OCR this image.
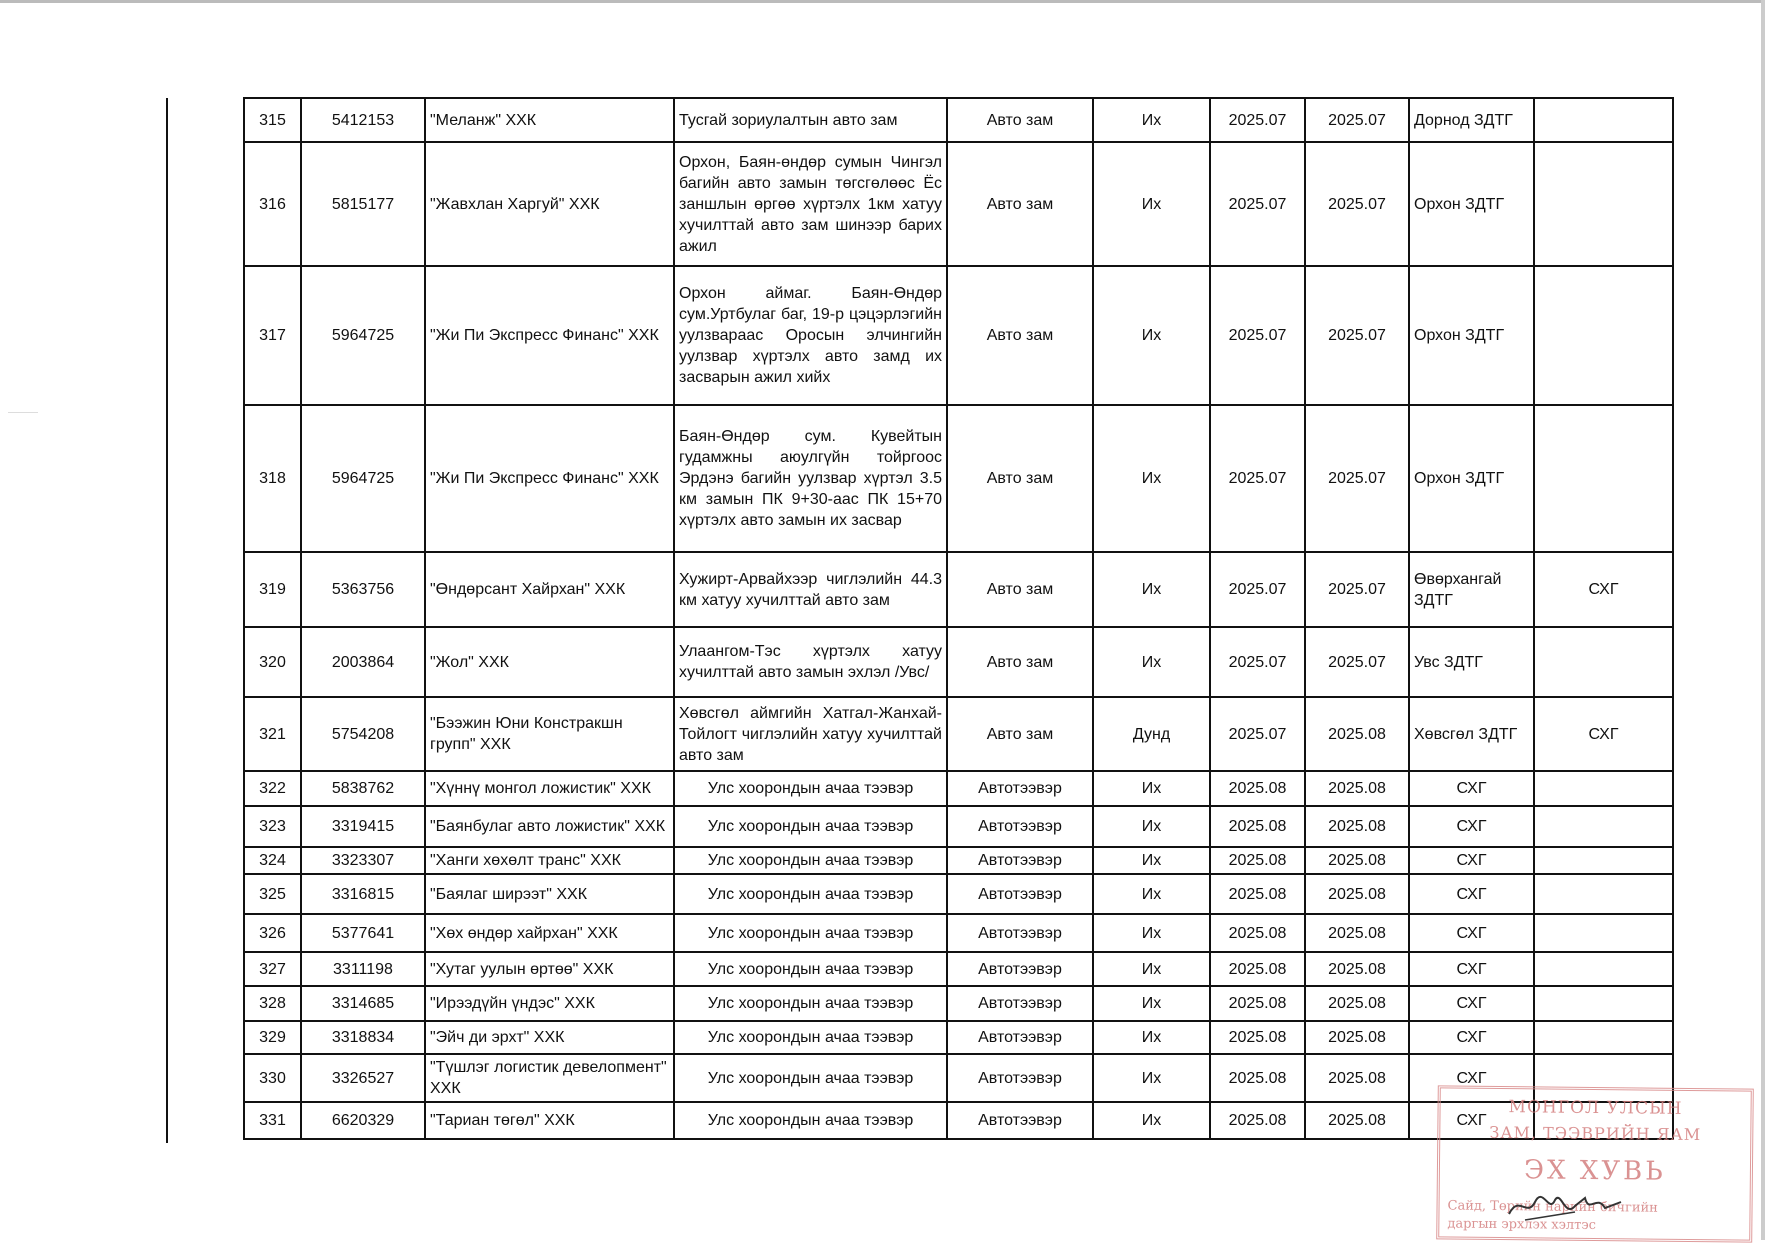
315	5412153	"Меланж" ХХК	Тусгай зориулалтын авто зам	Авто зам	Их	2025.07	2025.07	Дорнод ЗДТГ	
316	5815177	"Жавхлан Харгуй" ХХК	Орхон, Баян-өндөр сумын Чингэл багийн авто замын төгсгөлөөс Ёс заншлын өргөө хүртэлх 1км хатуу хучилттай авто зам шинээр барих ажил	Авто зам	Их	2025.07	2025.07	Орхон ЗДТГ	
317	5964725	"Жи Пи Экспресс Финанс" ХХК	Орхон аймаг. Баян-Өндөр сум.Уртбулаг баг, 19-р цэцэрлэгийн уулзвараас Оросын элчингийн уулзвар хүртэлх авто замд их засварын ажил хийх	Авто зам	Их	2025.07	2025.07	Орхон ЗДТГ	
318	5964725	"Жи Пи Экспресс Финанс" ХХК	Баян-Өндөр сум. Кувейтын гудамжны аюулгүйн тойргоос Эрдэнэ багийн уулзвар хүртэл 3.5 км замын ПК 9+30-аас ПК 15+70 хүртэлх авто замын их засвар	Авто зам	Их	2025.07	2025.07	Орхон ЗДТГ	
319	5363756	"Өндөрсант Хайрхан" ХХК	Хужирт-Арвайхээр чиглэлийн 44.3 км хатуу хучилттай авто зам	Авто зам	Их	2025.07	2025.07	Өвөрхангай ЗДТГ	СХГ
320	2003864	"Жол" ХХК	Улаангом-Тэс хүртэлх хатуу хучилттай авто замын эхлэл /Увс/	Авто зам	Их	2025.07	2025.07	Увс ЗДТГ	
321	5754208	"Бээжин Юни Констракшн групп" ХХК	Хөвсгөл аймгийн Хатгал-Жанхай-Тойлогт чиглэлийн хатуу хучилттай авто зам	Авто зам	Дунд	2025.07	2025.08	Хөвсгөл ЗДТГ	СХГ
322	5838762	"Хүннү монгол ложистик" ХХК	Улс хоорондын ачаа тээвэр	Автотээвэр	Их	2025.08	2025.08	СХГ	
323	3319415	"Баянбулаг авто ложистик" ХХК	Улс хоорондын ачаа тээвэр	Автотээвэр	Их	2025.08	2025.08	СХГ	
324	3323307	"Ханги хөхөлт транс" ХХК	Улс хоорондын ачаа тээвэр	Автотээвэр	Их	2025.08	2025.08	СХГ	
325	3316815	"Баялаг ширээт" ХХК	Улс хоорондын ачаа тээвэр	Автотээвэр	Их	2025.08	2025.08	СХГ	
326	5377641	"Хөх өндөр хайрхан" ХХК	Улс хоорондын ачаа тээвэр	Автотээвэр	Их	2025.08	2025.08	СХГ	
327	3311198	"Хутаг уулын өртөө" ХХК	Улс хоорондын ачаа тээвэр	Автотээвэр	Их	2025.08	2025.08	СХГ	
328	3314685	"Ирээдүйн үндэс" ХХК	Улс хоорондын ачаа тээвэр	Автотээвэр	Их	2025.08	2025.08	СХГ	
329	3318834	"Эйч ди эрхт" ХХК	Улс хоорондын ачаа тээвэр	Автотээвэр	Их	2025.08	2025.08	СХГ	
330	3326527	"Түшлэг логистик девелопмент" ХХК	Улс хоорондын ачаа тээвэр	Автотээвэр	Их	2025.08	2025.08	СХГ	
331	6620329	"Тариан төгөл" ХХК	Улс хоорондын ачаа тээвэр	Автотээвэр	Их	2025.08	2025.08	СХГ	
МОНГОЛ УЛСЫН
ЗАМ, ТЭЭВРИЙН ЯАМ
ЭХ ХУВЬ
Сайд, Төрийн нарийн бичгийн
даргын эрхлэх хэлтэс
